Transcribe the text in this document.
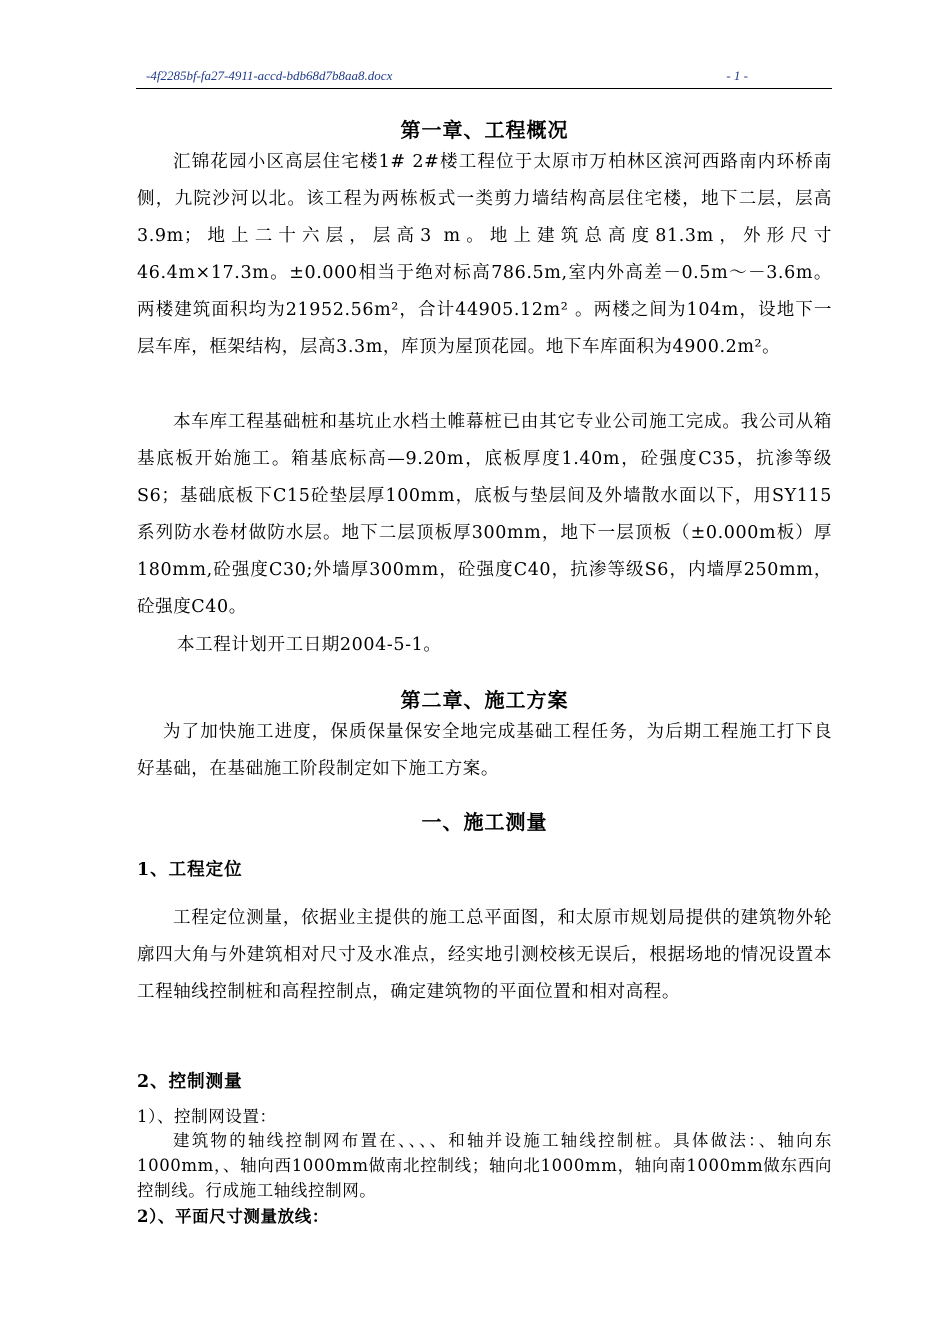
-4f2285bf-fa27-4911-accd-bdb68d7b8aa8.docx	- 1 -
第一章、工程概况

汇锦花园小区高层住宅楼1# 2#楼工程位于太原市万柏林区滨河西路南内环桥南侧，九院沙河以北。该工程为两栋板式一类剪力墙结构高层住宅楼，地下二层，层高3.9m；地上二十六层，层高3 m。地上建筑总高度81.3m，外形尺寸46.4m×17.3m。±0.000相当于绝对标高786.5m,室内外高差－0.5m～－3.6m。两楼建筑面积均为21952.56m²，合计44905.12m² 。两楼之间为104m，设地下一层车库，框架结构，层高3.3m，库顶为屋顶花园。地下车库面积为4900.2m²。

本车库工程基础桩和基坑止水档土帷幕桩已由其它专业公司施工完成。我公司从箱基底板开始施工。箱基底标高—9.20m，底板厚度1.40m，砼强度C35，抗渗等级S6；基础底板下C15砼垫层厚100mm，底板与垫层间及外墙散水面以下，用SY115系列防水卷材做防水层。地下二层顶板厚300mm，地下一层顶板（±0.000m板）厚180mm,砼强度C30;外墙厚300mm，砼强度C40，抗渗等级S6，内墙厚250mm，砼强度C40。

本工程计划开工日期2004-5-1。

第二章、施工方案

为了加快施工进度，保质保量保安全地完成基础工程任务，为后期工程施工打下良好基础，在基础施工阶段制定如下施工方案。

一、施工测量
1、工程定位

工程定位测量，依据业主提供的施工总平面图，和太原市规划局提供的建筑物外轮廓四大角与外建筑相对尺寸及水准点，经实地引测校核无误后，根据场地的情况设置本工程轴线控制桩和高程控制点，确定建筑物的平面位置和相对高程。

2、控制测量
1）、控制网设置：

建筑物的轴线控制网布置在、、、、和轴并设施工轴线控制桩。具体做法：、轴向东1000mm，、轴向西1000mm做南北控制线；轴向北1000mm，轴向南1000mm做东西向控制线。行成施工轴线控制网。

2）、平面尺寸测量放线：
